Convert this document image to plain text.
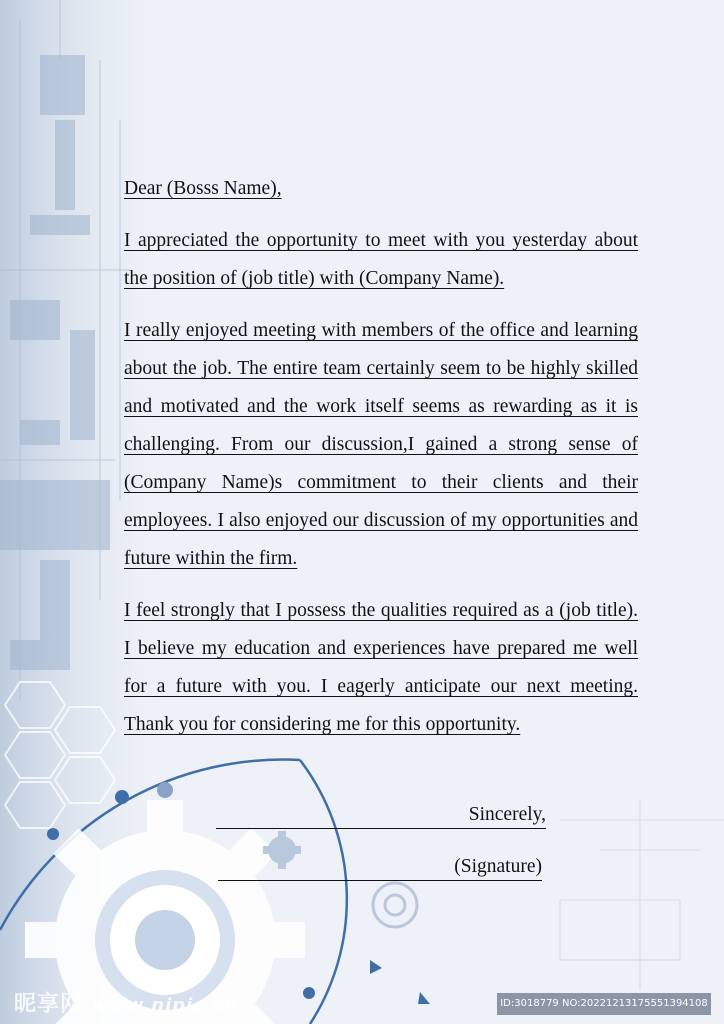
Dear (Bosss Name),

I appreciated the opportunity to meet with you yesterday about the position of (job title) with (Company Name).

I really enjoyed meeting with members of the office and learning about the job. The entire team certainly seem to be highly skilled and motivated and the work itself seems as rewarding as it is challenging. From our discussion,I gained a strong sense of (Company Name)s commitment to their clients and their employees. I also enjoyed our discussion of my opportunities and future within the firm.

I feel strongly that I possess the qualities required as a (job title). I believe my education and experiences have prepared me well for a future with you. I eagerly anticipate our next meeting. Thank you for considering me for this opportunity.

Sincerely,
(Signature)
昵享网 www.nipic.cn	ID:3018779 NO:20221213175551394108
